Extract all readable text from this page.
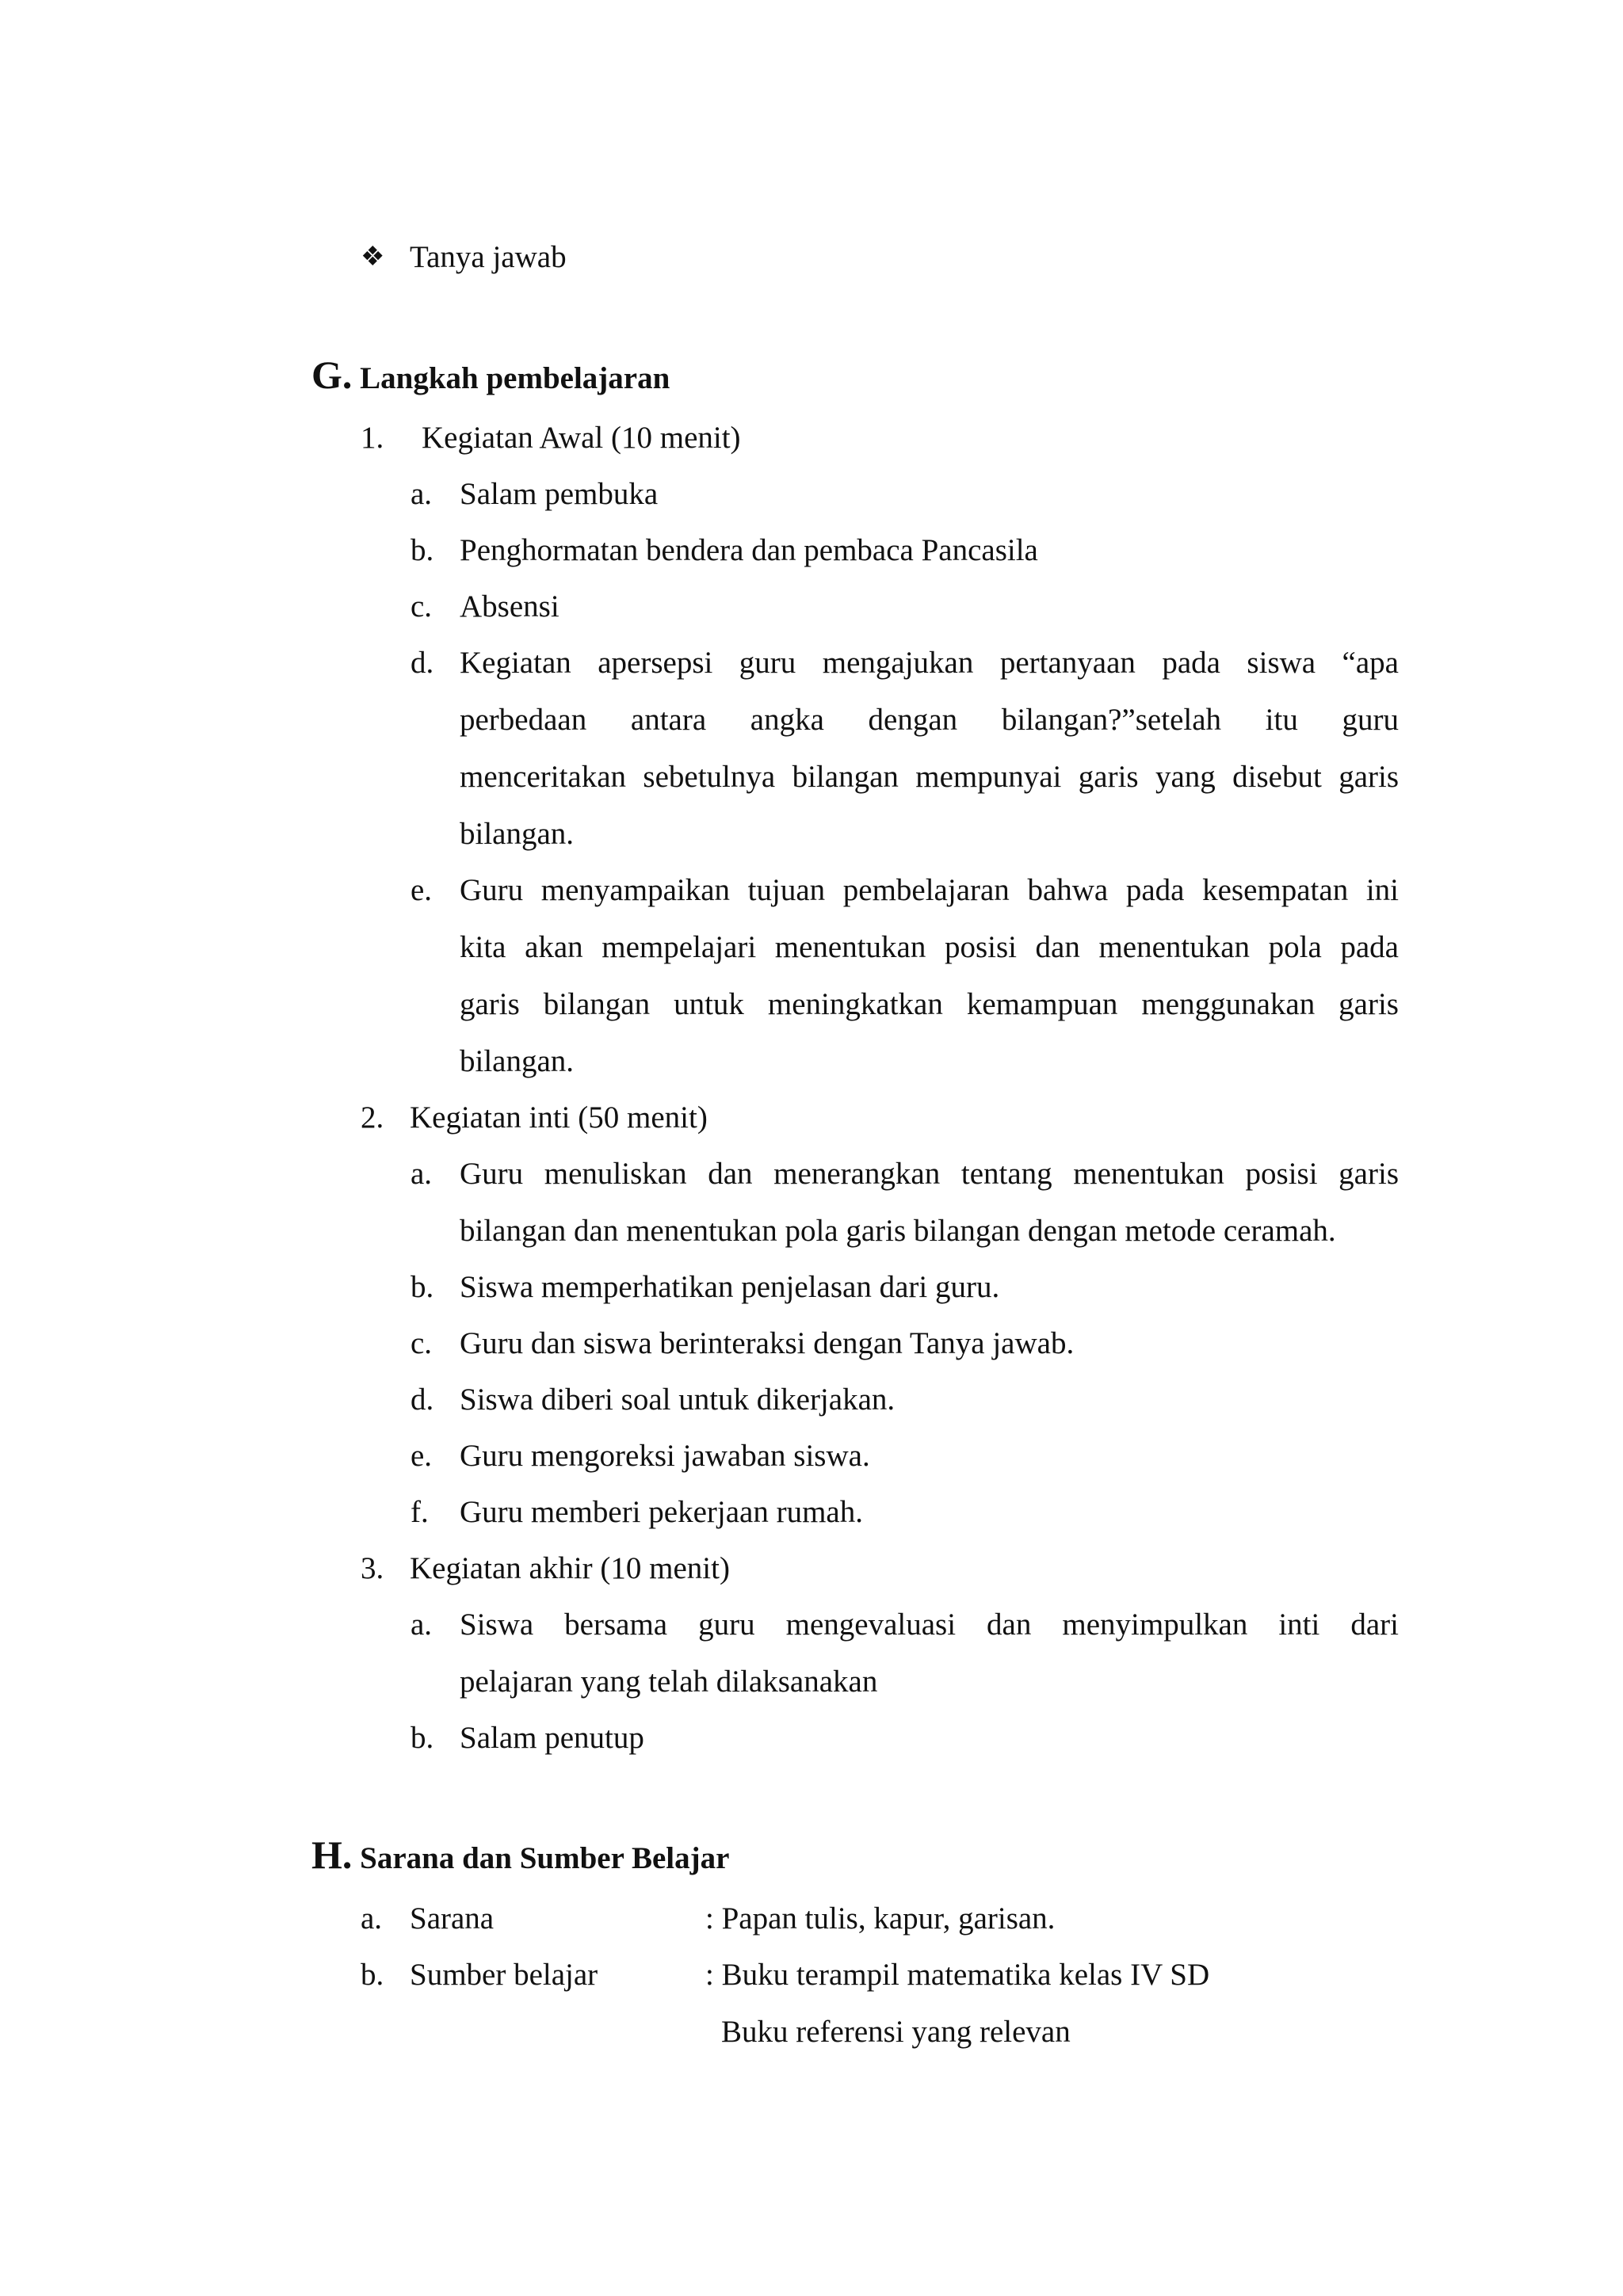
❖ Tanya jawab
G. Langkah pembelajaran
1. Kegiatan Awal (10 menit)
a. Salam pembuka
b. Penghormatan bendera dan pembaca Pancasila
c. Absensi
d. Kegiatan apersepsi guru mengajukan pertanyaan pada siswa “apa
perbedaan antara angka dengan bilangan?”setelah itu guru
menceritakan sebetulnya bilangan mempunyai garis yang disebut garis
bilangan.
e. Guru menyampaikan tujuan pembelajaran bahwa pada kesempatan ini
kita akan mempelajari menentukan posisi dan menentukan pola pada
garis bilangan untuk meningkatkan kemampuan menggunakan garis
bilangan.
2. Kegiatan inti (50 menit)
a. Guru menuliskan dan menerangkan tentang menentukan posisi garis
bilangan dan menentukan pola garis bilangan dengan metode ceramah.
b. Siswa memperhatikan penjelasan dari guru.
c. Guru dan siswa berinteraksi dengan Tanya jawab.
d. Siswa diberi soal untuk dikerjakan.
e. Guru mengoreksi jawaban siswa.
f. Guru memberi pekerjaan rumah.
3. Kegiatan akhir (10 menit)
a. Siswa bersama guru mengevaluasi dan menyimpulkan inti dari
pelajaran yang telah dilaksanakan
b. Salam penutup
H. Sarana dan Sumber Belajar
a. Sarana	: Papan tulis, kapur, garisan.
b. Sumber belajar	: Buku terampil matematika kelas IV SD
Buku referensi yang relevan
